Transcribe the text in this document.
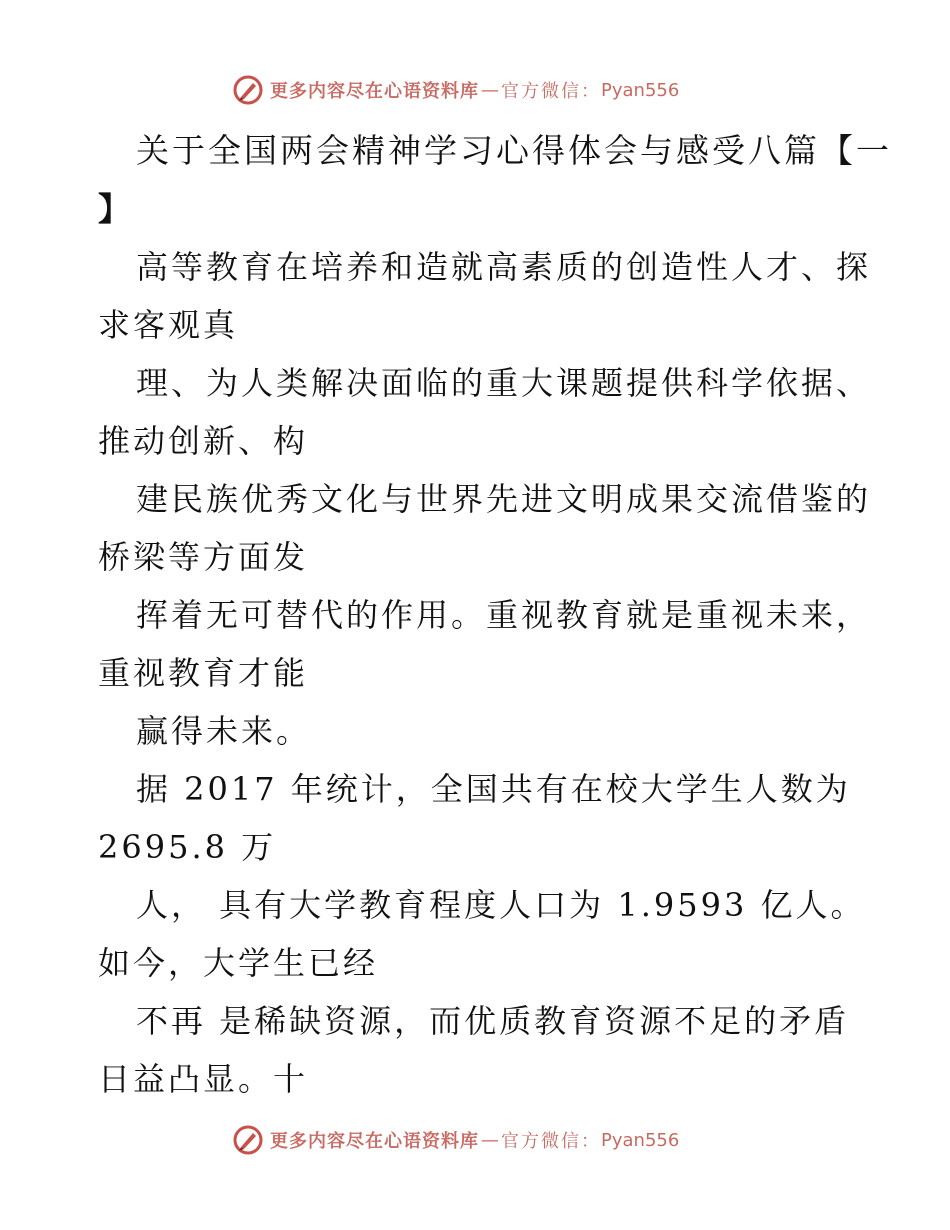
更多内容尽在心语资料库 — 官方微信： Pyan556
关于全国两会精神学习心得体会与感受八篇【一
】
高等教育在培养和造就高素质的创造性人才、探
求客观真
理、为人类解决面临的重大课题提供科学依据、
推动创新、构
建民族优秀文化与世界先进文明成果交流借鉴的
桥梁等方面发
挥着无可替代的作用。重视教育就是重视未来，
重视教育才能
赢得未来。
据 2017 年统计，全国共有在校大学生人数为
2695.8 万
人， 具有大学教育程度人口为 1.9593 亿人。
如今，大学生已经
不再 是稀缺资源，而优质教育资源不足的矛盾
日益凸显。十
更多内容尽在心语资料库 — 官方微信： Pyan556
